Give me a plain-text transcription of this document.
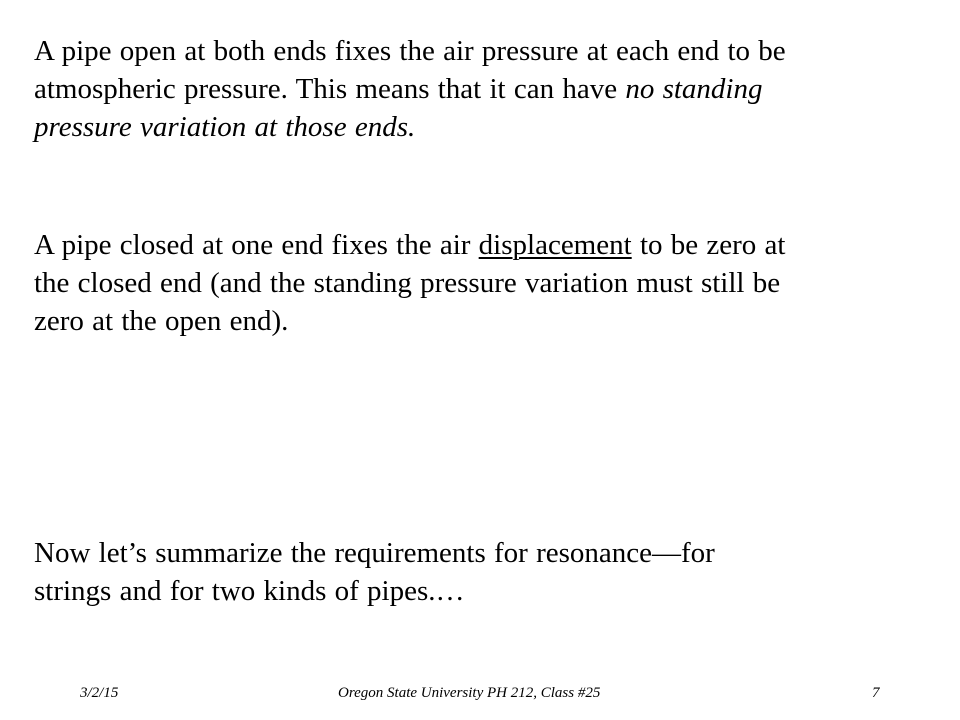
A pipe open at both ends fixes the air pressure at each end to be
atmospheric pressure. This means that it can have no standing
pressure variation at those ends.

A pipe closed at one end fixes the air displacement to be zero at
the closed end (and the standing pressure variation must still be
zero at the open end).

Now let’s summarize the requirements for resonance—for
strings and for two kinds of pipes.…

3/2/15	Oregon State University PH 212, Class #25	7
